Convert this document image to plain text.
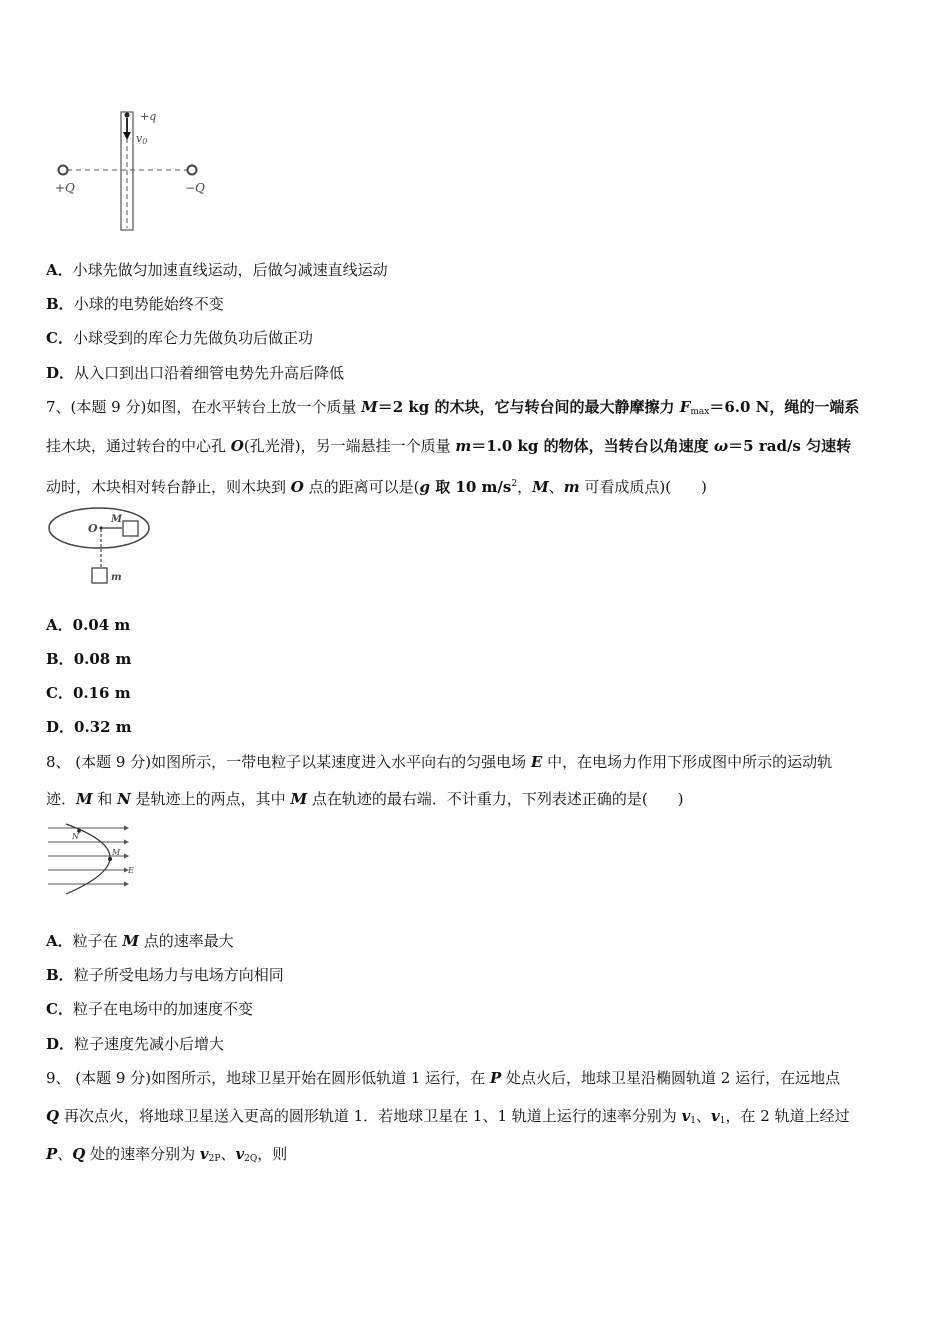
+q
v0
+Q	−Q
A．小球先做匀加速直线运动，后做匀减速直线运动
B．小球的电势能始终不变
C．小球受到的库仑力先做负功后做正功
D．从入口到出口沿着细管电势先升高后降低
7、(本题 9 分)如图，在水平转台上放一个质量 M＝2 kg 的木块，它与转台间的最大静摩擦力 $F_{max}=6.0$ N，绳的一端系
挂木块，通过转台的中心孔 O(孔光滑)，另一端悬挂一个质量 m＝1.0 kg 的物体，当转台以角速度 ω＝5 rad/s 匀速转
动时，木块相对转台静止，则木块到 O 点的距离可以是(g 取 10 $m/s^2$，M、m 可看成质点)(　　)
O
M
m
A．0.04 m
B．0.08 m
C．0.16 m
D．0.32 m
8、 (本题 9 分)如图所示，一带电粒子以某速度进入水平向右的匀强电场 E 中，在电场力作用下形成图中所示的运动轨
迹．M 和 N 是轨迹上的两点，其中 M 点在轨迹的最右端．不计重力，下列表述正确的是(　　)
N
M
E
A．粒子在 M 点的速率最大
B．粒子所受电场力与电场方向相同
C．粒子在电场中的加速度不变
D．粒子速度先减小后增大
9、 (本题 9 分)如图所示，地球卫星开始在圆形低轨道 1 运行，在 P 处点火后，地球卫星沿椭圆轨道 2 运行，在远地点
Q 再次点火，将地球卫星送入更高的圆形轨道 1．若地球卫星在 1、1 轨道上运行的速率分别为 $v_1$、$v_1$，在 2 轨道上经过
P、Q 处的速率分别为 $v_{2P}$、$v_{2Q}$，则
